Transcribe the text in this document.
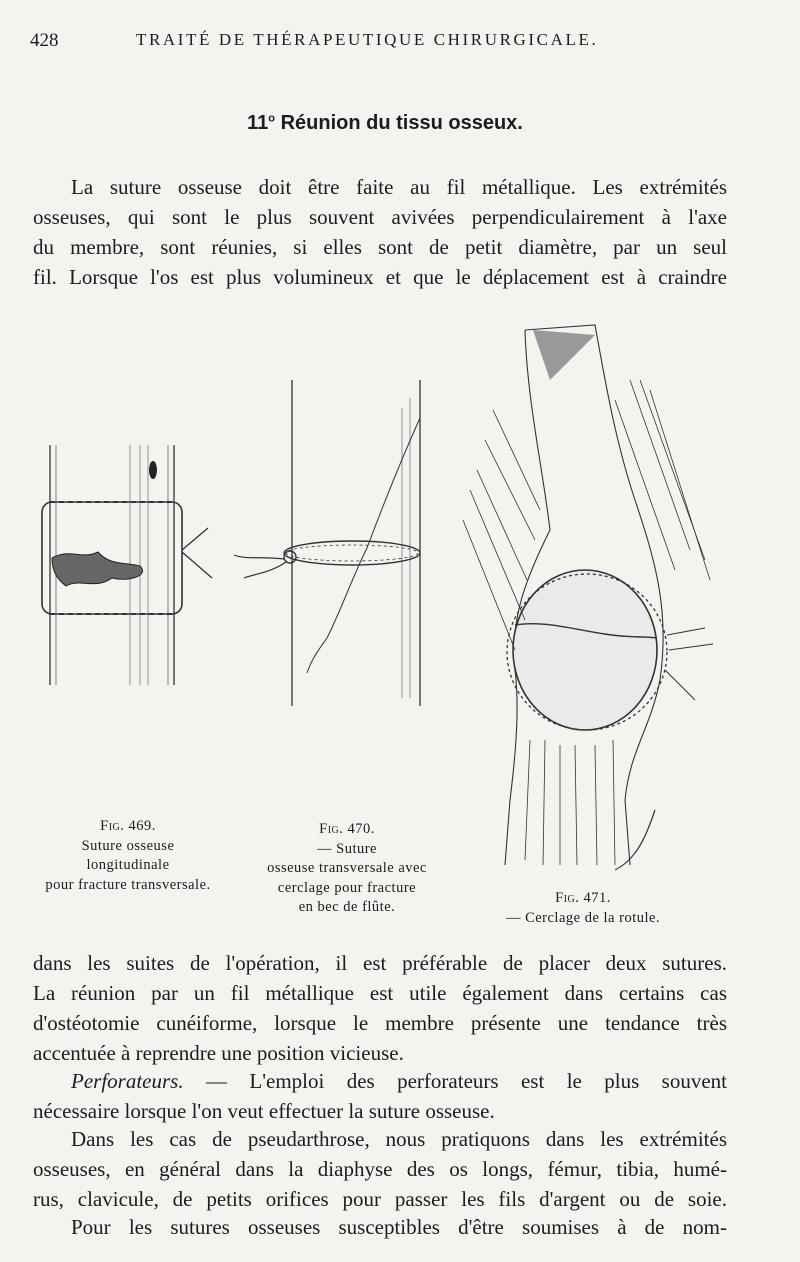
428	TRAITÉ DE THÉRAPEUTIQUE CHIRURGICALE.
11$^o$ Réunion du tissu osseux.
La suture osseuse doit être faite au fil métallique. Les extrémités
osseuses, qui sont le plus souvent avivées perpendiculairement à l'axe
du membre, sont réunies, si elles sont de petit diamètre, par un seul
fil. Lorsque l'os est plus volumineux et que le déplacement est à craindre
Fig. 469.
Suture osseuse
longitudinale
pour fracture transversale.
Fig. 470.
— Suture
osseuse transversale avec
cerclage pour fracture
en bec de flûte.
Fig. 471.
— Cerclage de la rotule.
dans les suites de l'opération, il est préférable de placer deux sutures.
La réunion par un fil métallique est utile également dans certains cas
d'ostéotomie cunéiforme, lorsque le membre présente une tendance très
accentuée à reprendre une position vicieuse.
Perforateurs. — L'emploi des perforateurs est le plus souvent
nécessaire lorsque l'on veut effectuer la suture osseuse.
Dans les cas de pseudarthrose, nous pratiquons dans les extrémités
osseuses, en général dans la diaphyse des os longs, fémur, tibia, humé-
rus, clavicule, de petits orifices pour passer les fils d'argent ou de soie.
Pour les sutures osseuses susceptibles d'être soumises à de nom-
